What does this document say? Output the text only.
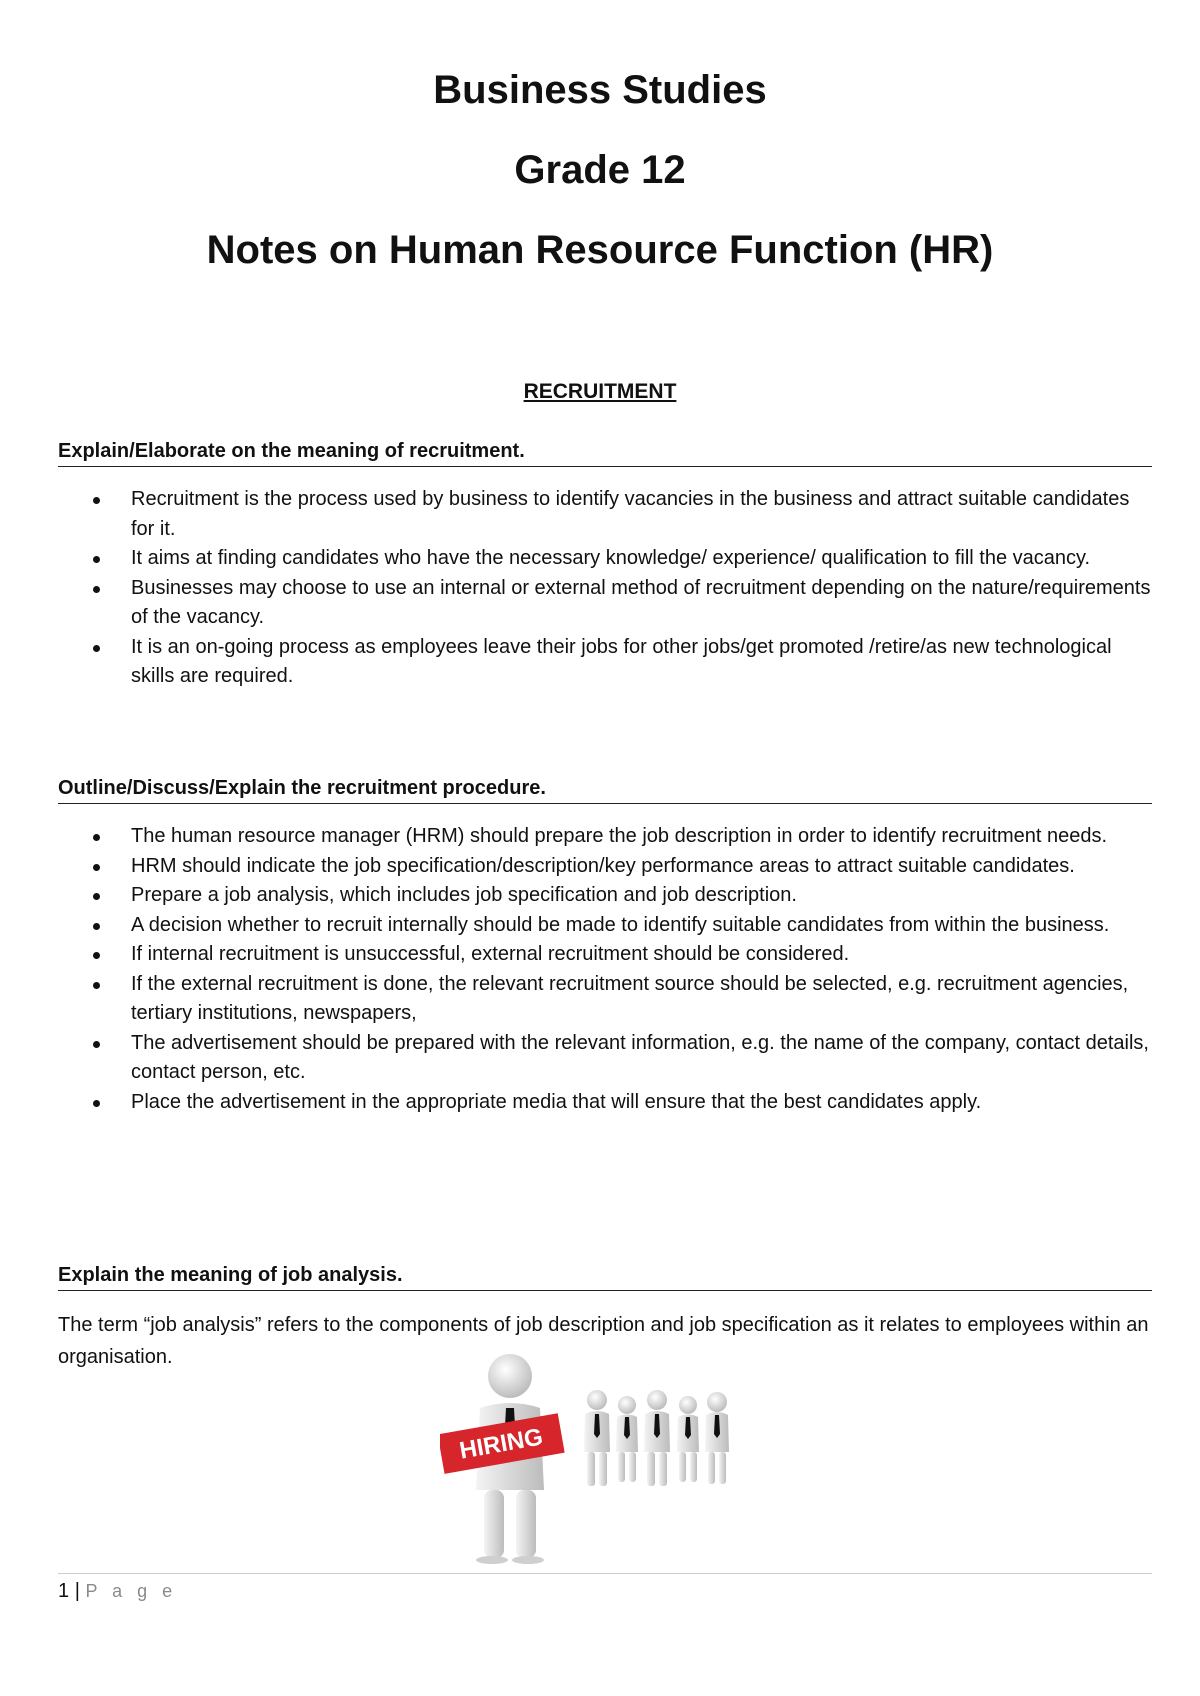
Business Studies
Grade 12
Notes on Human Resource Function (HR)

RECRUITMENT

Explain/Elaborate on the meaning of recruitment.
Recruitment is the process used by business to identify vacancies in the business and attract suitable candidates for it.
It aims at finding candidates who have the necessary knowledge/ experience/ qualification to fill the vacancy.
Businesses may choose to use an internal or external method of recruitment depending on the nature/requirements of the vacancy.
It is an on-going process as employees leave their jobs for other jobs/get promoted /retire/as new technological skills are required.
Outline/Discuss/Explain the recruitment procedure.
The human resource manager (HRM) should prepare the job description in order to identify recruitment needs.
HRM should indicate the job specification/description/key performance areas to attract suitable candidates.
Prepare a job analysis, which includes job specification and job description.
A decision whether to recruit internally should be made to identify suitable candidates from within the business.
If internal recruitment is unsuccessful, external recruitment should be considered.
If the external recruitment is done, the relevant recruitment source should be selected, e.g. recruitment agencies, tertiary institutions, newspapers,
The advertisement should be prepared with the relevant information, e.g. the name of the company, contact details, contact person, etc.
Place the advertisement in the appropriate media that will ensure that the best candidates apply.
Explain the meaning of job analysis.

The term “job analysis” refers to the components of job description and job specification as it relates to employees within an organisation.

HIRING
1 | P a g e
